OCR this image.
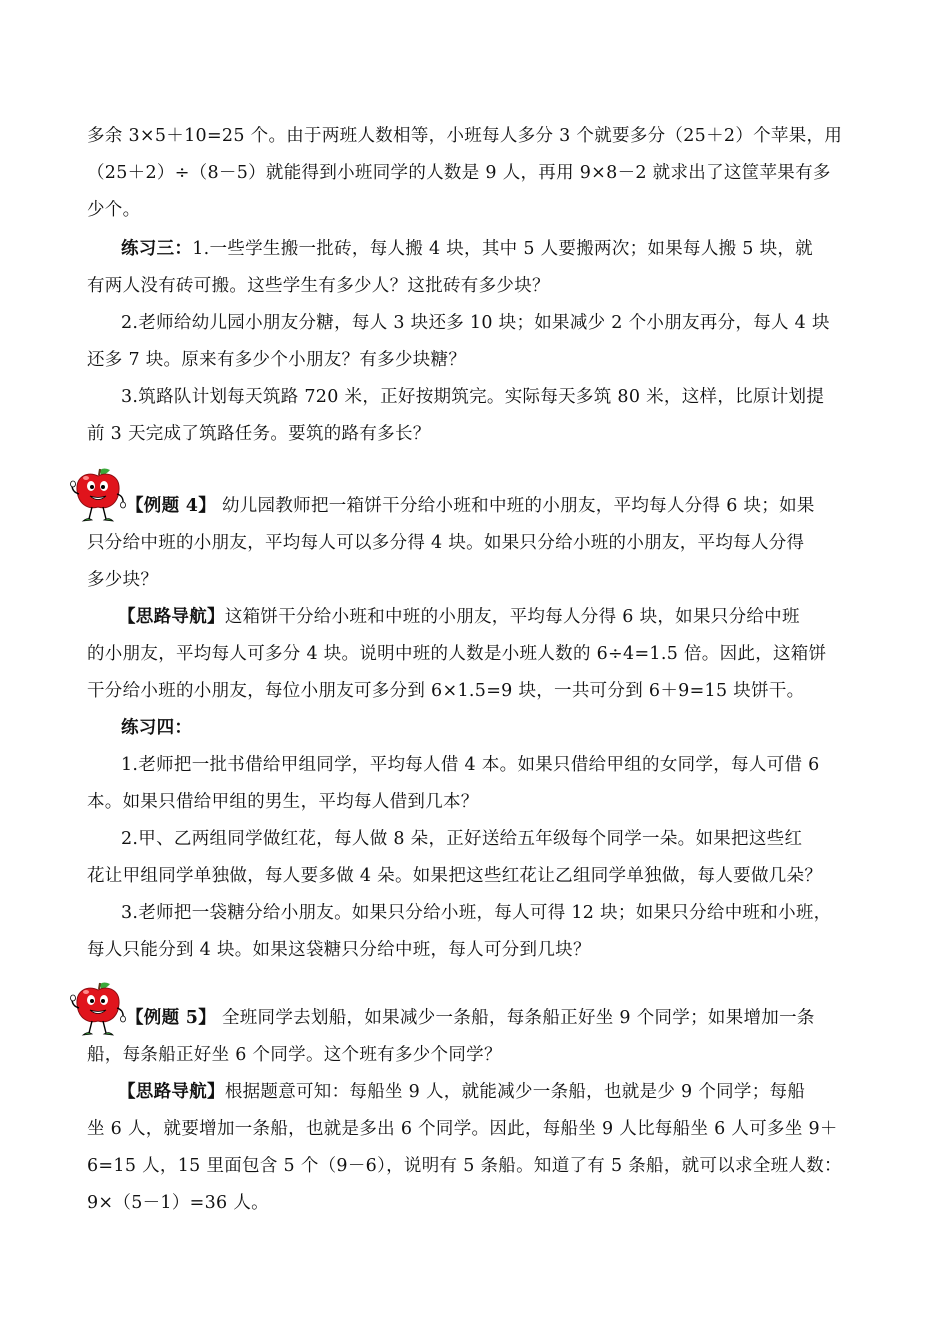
多余 3×5＋10=25 个。由于两班人数相等，小班每人多分 3 个就要多分（25＋2）个苹果，用
（25＋2）÷（8－5）就能得到小班同学的人数是 9 人，再用 9×8－2 就求出了这筐苹果有多
少个。
练习三：1.一些学生搬一批砖，每人搬 4 块，其中 5 人要搬两次；如果每人搬 5 块，就
有两人没有砖可搬。这些学生有多少人？这批砖有多少块？
2.老师给幼儿园小朋友分糖，每人 3 块还多 10 块；如果减少 2 个小朋友再分，每人 4 块
还多 7 块。原来有多少个小朋友？有多少块糖？
3.筑路队计划每天筑路 720 米，正好按期筑完。实际每天多筑 80 米，这样，比原计划提
前 3 天完成了筑路任务。要筑的路有多长？
【例题 4】 幼儿园教师把一箱饼干分给小班和中班的小朋友，平均每人分得 6 块；如果
只分给中班的小朋友，平均每人可以多分得 4 块。如果只分给小班的小朋友，平均每人分得
多少块？
【思路导航】这箱饼干分给小班和中班的小朋友，平均每人分得 6 块，如果只分给中班
的小朋友，平均每人可多分 4 块。说明中班的人数是小班人数的 6÷4=1.5 倍。因此，这箱饼
干分给小班的小朋友，每位小朋友可多分到 6×1.5=9 块，一共可分到 6＋9=15 块饼干。
练习四：
1.老师把一批书借给甲组同学，平均每人借 4 本。如果只借给甲组的女同学，每人可借 6
本。如果只借给甲组的男生，平均每人借到几本？
2.甲、乙两组同学做红花，每人做 8 朵，正好送给五年级每个同学一朵。如果把这些红
花让甲组同学单独做，每人要多做 4 朵。如果把这些红花让乙组同学单独做，每人要做几朵？
3.老师把一袋糖分给小朋友。如果只分给小班，每人可得 12 块；如果只分给中班和小班，
每人只能分到 4 块。如果这袋糖只分给中班，每人可分到几块？
【例题 5】 全班同学去划船，如果减少一条船，每条船正好坐 9 个同学；如果增加一条
船，每条船正好坐 6 个同学。这个班有多少个同学？
【思路导航】根据题意可知：每船坐 9 人，就能减少一条船，也就是少 9 个同学；每船
坐 6 人，就要增加一条船，也就是多出 6 个同学。因此，每船坐 9 人比每船坐 6 人可多坐 9＋
6=15 人，15 里面包含 5 个（9－6），说明有 5 条船。知道了有 5 条船，就可以求全班人数：
9×（5－1）=36 人。
